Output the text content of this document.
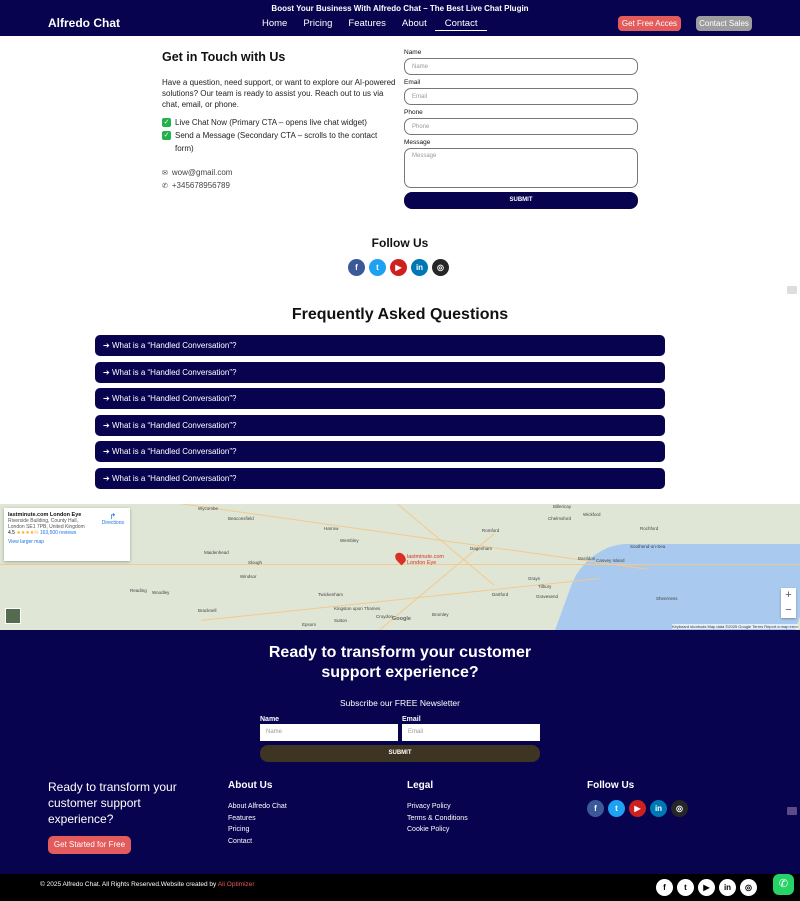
Boost Your Business With Alfredo Chat – The Best Live Chat Plugin
Alfredo Chat	Home	Pricing	Features	About	Contact	Get Free Acces	Contact Sales
Get in Touch with Us

Have a question, need support, or want to explore our AI-powered solutions? Our team is ready to assist you. Reach out to us via chat, email, or phone.

✓ Live Chat Now (Primary CTA – opens live chat widget)
✓ Send a Message (Secondary CTA – scrolls to the contact form)
✉ wow@gmail.com
✆ +345678956789
Name
Name
Email
Email
Phone
Phone
Message
Message
SUBMIT
Follow Us
f	t	▶	in	◎
Frequently Asked Questions
➔ What is a “Handled Conversation”?
➔ What is a “Handled Conversation”?
➔ What is a “Handled Conversation”?
➔ What is a “Handled Conversation”?
➔ What is a “Handled Conversation”?
➔ What is a “Handled Conversation”?
Wycombe
Beaconsfield
Harrow
Wembley
Romford
Dagenham
Slough
Windsor
Reading Woodley
Bracknell	Kingston upon Thames
Sutton
Croydon	Bromley
Dartford	Gravesend
Basildon
Southend-on-Sea
Chelmsford
Maidenhead
Twickenham
Epsom
Sheerness
Billericay
Wickford
Rochford
Canvey Island
Grays
Tilbury
lastminute.com London Eye
lastminute.com London Eye
Riverside Building, County Hall, London SE1 7PB, United Kingdom
4.5 ★★★★½ 163,500 reviews
View larger map
↱
Directions
+
−
Google
Keyboard shortcuts Map data ©2025 Google Terms Report a map error
Ready to transform your customer support experience?
Subscribe our FREE Newsletter
Name	Email
Name	Email
SUBMIT
Ready to transform your customer support experience?
Get Started for Free
About Us
About Alfredo Chat
Features
Pricing
Contact
Legal
Privacy Policy
Terms & Conditions
Cookie Policy
Follow Us
f	t	▶	in	◎
© 2025 Alfredo Chat. All Rights Reserved.Website created by Ali Optimizer	f	t	▶	in	◎	✆
